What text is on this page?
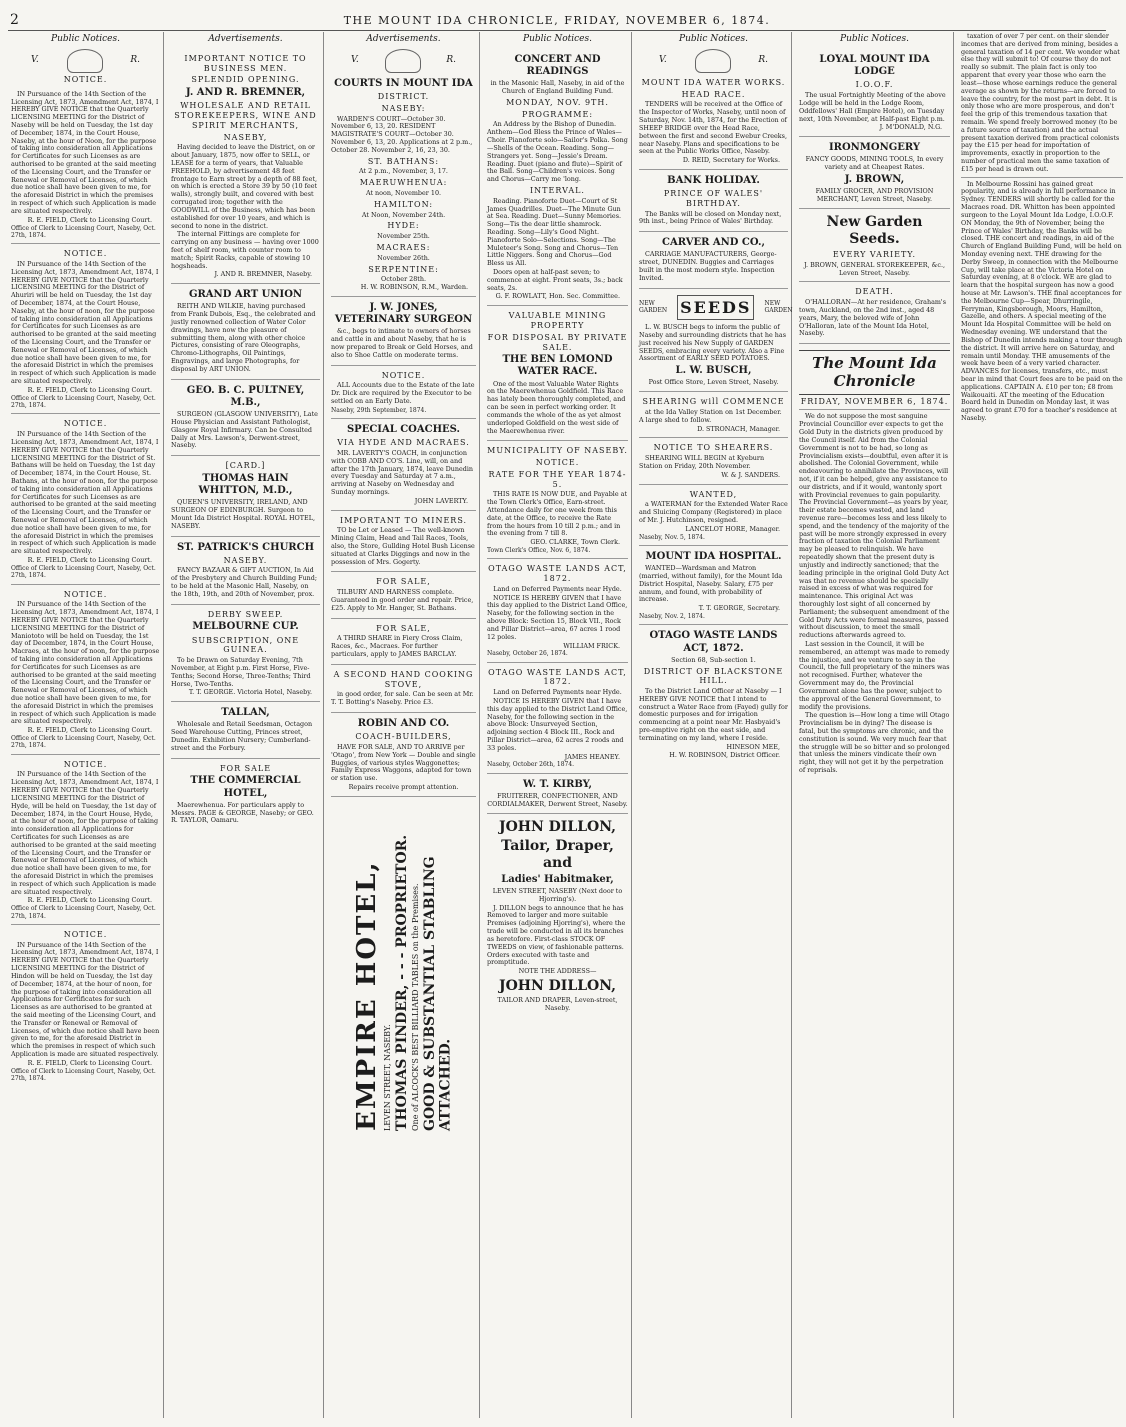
2	THE MOUNT IDA CHRONICLE, FRIDAY, NOVEMBER 6, 1874.
Public Notices.
V.	R.
NOTICE.

IN Pursuance of the 14th Section of the Licensing Act, 1873, Amendment Act, 1874, I HEREBY GIVE NOTICE that the Quarterly LICENSING MEETING for the District of Naseby will be held on Tuesday, the 1st day of December, 1874, in the Court House, Naseby, at the hour of Noon, for the purpose of taking into consideration all Applications for Certificates for such Licenses as are authorised to be granted at the said meeting of the Licensing Court, and the Transfer or Renewal or Removal of Licenses, of which due notice shall have been given to me, for the aforesaid District in which the premises in respect of which such Application is made are situated respectively.

R. E. FIELD, Clerk to Licensing Court.
Office of Clerk to Licensing Court, Naseby, Oct. 27th, 1874.
NOTICE.

IN Pursuance of the 14th Section of the Licensing Act, 1873, Amendment Act, 1874, I HEREBY GIVE NOTICE that the Quarterly LICENSING MEETING for the District of Ahuriri will be held on Tuesday, the 1st day of December, 1874, at the Court House, Naseby, at the hour of noon, for the purpose of taking into consideration all Applications for Certificates for such Licenses as are authorised to be granted at the said meeting of the Licensing Court, and the Transfer or Renewal or Removal of Licenses, of which due notice shall have been given to me, for the aforesaid District in which the premises in respect of which such Application is made are situated respectively.

R. E. FIELD, Clerk to Licensing Court.
Office of Clerk to Licensing Court, Naseby, Oct. 27th, 1874.
NOTICE.

IN Pursuance of the 14th Section of the Licensing Act, 1873, Amendment Act, 1874, I HEREBY GIVE NOTICE that the Quarterly LICENSING MEETING for the District of St. Bathans will be held on Tuesday, the 1st day of December, 1874, in the Court House, St. Bathans, at the hour of noon, for the purpose of taking into consideration all Applications for Certificates for such Licenses as are authorised to be granted at the said meeting of the Licensing Court, and the Transfer or Renewal or Removal of Licenses, of which due notice shall have been given to me, for the aforesaid District in which the premises in respect of which such Application is made are situated respectively.

R. E. FIELD, Clerk to Licensing Court.
Office of Clerk to Licensing Court, Naseby, Oct. 27th, 1874.
NOTICE.

IN Pursuance of the 14th Section of the Licensing Act, 1873, Amendment Act, 1874, I HEREBY GIVE NOTICE that the Quarterly LICENSING MEETING for the District of Maniototo will be held on Tuesday, the 1st day of December, 1874, in the Court House, Macraes, at the hour of noon, for the purpose of taking into consideration all Applications for Certificates for such Licenses as are authorised to be granted at the said meeting of the Licensing Court, and the Transfer or Renewal or Removal of Licenses, of which due notice shall have been given to me, for the aforesaid District in which the premises in respect of which such Application is made are situated respectively.

R. E. FIELD, Clerk to Licensing Court.
Office of Clerk to Licensing Court, Naseby, Oct. 27th, 1874.
NOTICE.

IN Pursuance of the 14th Section of the Licensing Act, 1873, Amendment Act, 1874, I HEREBY GIVE NOTICE that the Quarterly LICENSING MEETING for the District of Hyde, will be held on Tuesday, the 1st day of December, 1874, in the Court House, Hyde, at the hour of noon, for the purpose of taking into consideration all Applications for Certificates for such Licenses as are authorised to be granted at the said meeting of the Licensing Court, and the Transfer or Renewal or Removal of Licenses, of which due notice shall have been given to me, for the aforesaid District in which the premises in respect of which such Application is made are situated respectively.

R. E. FIELD, Clerk to Licensing Court.
Office of Clerk to Licensing Court, Naseby, Oct. 27th, 1874.
NOTICE.

IN Pursuance of the 14th Section of the Licensing Act, 1873, Amendment Act, 1874, I HEREBY GIVE NOTICE that the Quarterly LICENSING MEETING for the District of Hindon will be held on Tuesday, the 1st day of December, 1874, at the hour of noon, for the purpose of taking into consideration all Applications for Certificates for such Licenses as are authorised to be granted at the said meeting of the Licensing Court, and the Transfer or Renewal or Removal of Licenses, of which due notice shall have been given to me, for the aforesaid District in which the premises in respect of which such Application is made are situated respectively.

R. E. FIELD, Clerk to Licensing Court.
Office of Clerk to Licensing Court, Naseby, Oct. 27th, 1874.
Advertisements.
IMPORTANT NOTICE TO BUSINESS MEN.
SPLENDID OPENING.
J. AND R. BREMNER,
WHOLESALE AND RETAIL STOREKEEPERS, WINE AND SPIRIT MERCHANTS,
NASEBY,

Having decided to leave the District, on or about January, 1875, now offer to SELL, or LEASE for a term of years, that Valuable FREEHOLD, by advertisement 48 feet frontage to Earn street by a depth of 88 feet, on which is erected a Store 39 by 50 (10 feet walls), strongly built, and covered with best corrugated iron; together with the GOODWILL of the Business, which has been established for over 10 years, and which is second to none in the district.

The internal Fittings are complete for carrying on any business — having over 1000 feet of shelf room, with counter room to match; Spirit Racks, capable of stowing 10 hogsheads.

J. AND R. BREMNER, Naseby.
GRAND ART UNION

REITH AND WILKIE, having purchased from Frank Dubois, Esq., the celebrated and justly renowned collection of Water Color drawings, have now the pleasure of submitting them, along with other choice Pictures, consisting of rare Oleographs, Chromo-Lithographs, Oil Paintings, Engravings, and large Photographs, for disposal by ART UNION.

GEO. B. C. PULTNEY, M.B.,

SURGEON (GLASGOW UNIVERSITY), Late House Physician and Assistant Pathologist, Glasgow Royal Infirmary. Can be Consulted Daily at Mrs. Lawson's, Derwent-street, Naseby.

[CARD.]
THOMAS HAIN WHITTON, M.D.,

QUEEN'S UNIVERSITY, IRELAND, AND SURGEON OF EDINBURGH. Surgeon to Mount Ida District Hospital. ROYAL HOTEL, NASEBY.

ST. PATRICK'S CHURCH
NASEBY.

FANCY BAZAAR & GIFT AUCTION, In Aid of the Presbytery and Church Building Fund; to be held at the Masonic Hall, Naseby, on the 18th, 19th, and 20th of November, prox.

DERBY SWEEP.
MELBOURNE CUP.
SUBSCRIPTION, ONE GUINEA.

To be Drawn on Saturday Evening, 7th November, at Eight p.m. First Horse, Five-Tenths; Second Horse, Three-Tenths; Third Horse, Two-Tenths.

T. T. GEORGE. Victoria Hotel, Naseby.
TALLAN,

Wholesale and Retail Seedsman, Octagon Seed Warehouse Cutting, Princes street, Dunedin. Exhibition Nursery; Cumberland-street and the Forbury.

FOR SALE
THE COMMERCIAL HOTEL,

Maerewhenua. For particulars apply to Messrs. PAGE & GEORGE, Naseby; or GEO. R. TAYLOR, Oamaru.

Advertisements.
V.	R.
COURTS IN MOUNT IDA
DISTRICT.
NASEBY:

WARDEN'S COURT—October 30. November 6, 13, 20. RESIDENT MAGISTRATE'S COURT—October 30. November 6, 13, 20. Applications at 2 p.m., October 28. November 2, 16, 23, 30.

ST. BATHANS:
At 2 p.m., November, 3, 17.
MAERUWHENUA:
At noon, November 10.
HAMILTON:
At Noon, November 24th.
HYDE:
November 25th.
MACRAES:
November 26th.
SERPENTINE:
October 28th.
H. W. ROBINSON, R.M., Warden.
J. W. JONES, VETERINARY SURGEON

&c., begs to intimate to owners of horses and cattle in and about Naseby, that he is now prepared to Break or Geld Horses, and also to Shoe Cattle on moderate terms.

NOTICE.

ALL Accounts due to the Estate of the late Dr. Dick are required by the Executor to be settled on an Early Date.

Naseby, 29th September, 1874.
SPECIAL COACHES.
VIA HYDE AND MACRAES.

MR. LAVERTY'S COACH, in conjunction with COBB AND CO'S. Line, will, on and after the 17th January, 1874, leave Dunedin every Tuesday and Saturday at 7 a.m., arriving at Naseby on Wednesday and Sunday mornings.

JOHN LAVERTY.
IMPORTANT TO MINERS.

TO be Let or Leased — The well-known Mining Claim, Head and Tail Races, Tools, also, the Store, Gullding Hotel Bush License situated at Clarks Diggings and now in the possession of Mrs. Gogerty.

FOR SALE,

TILBURY AND HARNESS complete. Guaranteed in good order and repair. Price, £25. Apply to Mr. Hanger, St. Bathans.

FOR SALE,

A THIRD SHARE in Fiery Cross Claim, Races, &c., Macraes. For further particulars, apply to JAMES BARCLAY.

A SECOND HAND COOKING STOVE,

in good order, for sale. Can be seen at Mr. T. T. Botting's Naseby. Price £3.

ROBIN AND CO.
COACH-BUILDERS,

HAVE FOR SALE, AND TO ARRIVE per 'Otago', from New York — Double and single Buggies, of various styles Waggonettes; Family Express Waggons, adapted for town or station use.

Repairs receive prompt attention.
EMPIRE HOTEL, LEVEN STREET, NASEBY. THOMAS PINDER, - - - PROPRIETOR. One of ALCOCK'S BEST BILLIARD TABLES on the Premises. GOOD & SUBSTANTIAL STABLING ATTACHED.
Public Notices.
CONCERT AND READINGS
in the Masonic Hall, Naseby, in aid of the Church of England Building Fund.
MONDAY, NOV. 9TH.
PROGRAMME:

An Address by the Bishop of Dunedin. Anthem—God Bless the Prince of Wales—Choir. Pianoforte solo—Sailor's Polka. Song—Shells of the Ocean. Reading. Song—Strangers yet. Song—Jessie's Dream. Reading. Duet (piano and flute)—Spirit of the Ball. Song—Children's voices. Song and Chorus—Carry me 'long.

INTERVAL.

Reading. Pianoforte Duet—Court of St James Quadrilles. Duet—The Minute Gun at Sea. Reading. Duet—Sunny Memories. Song—Tis the dear little shamrock. Reading. Song—Lily's Good Night. Pianoforte Solo—Selections. Song—The Muleteer's Song. Song and Chorus—Ten Little Niggers. Song and Chorus—God Bless us All.

Doors open at half-past seven; to commence at eight. Front seats, 3s.; back seats, 2s.

G. F. ROWLATT, Hon. Sec. Committee.
VALUABLE MINING PROPERTY
FOR DISPOSAL BY PRIVATE SALE.
THE BEN LOMOND WATER RACE.

One of the most Valuable Water Rights on the Maerewhenua Goldfield. This Race has lately been thoroughly completed, and can be seen in perfect working order. It commands the whole of the as yet almost underloped Goldfield on the west side of the Maerewhenua river.

MUNICIPALITY OF NASEBY.
NOTICE.
RATE FOR THE YEAR 1874-5.

THIS RATE IS NOW DUE, and Payable at the Town Clerk's Office, Earn-street. Attendance daily for one week from this date, at the Office, to receive the Rate from the hours from 10 till 2 p.m.; and in the evening from 7 till 8.

GEO. CLARKE, Town Clerk.
Town Clerk's Office, Nov. 6, 1874.
OTAGO WASTE LANDS ACT, 1872.
Land on Deferred Payments near Hyde.

NOTICE IS HEREBY GIVEN that I have this day applied to the District Land Office, Naseby, for the following section in the above Block: Section 15, Block VII., Rock and Pillar District—area, 67 acres 1 rood 12 poles.

WILLIAM FRICK.
Naseby, October 26, 1874.
OTAGO WASTE LANDS ACT, 1872.
Land on Deferred Payments near Hyde.

NOTICE IS HEREBY GIVEN that I have this day applied to the District Land Office, Naseby, for the following section in the above Block: Unsurveyed Section, adjoining section 4 Block III., Rock and Pillar District—area, 62 acres 2 roods and 33 poles.

JAMES HEANEY.
Naseby, October 26th, 1874.
W. T. KIRBY,
FRUITERER, CONFECTIONER, AND CORDIALMAKER, Derwent Street, Naseby.
JOHN DILLON,
Tailor, Draper, and
Ladies' Habitmaker,
LEVEN STREET, NASEBY (Next door to Hjorring's).

J. DILLON begs to announce that he has Removed to larger and more suitable Premises (adjoining Hjorring's), where the trade will be conducted in all its branches as heretofore. First-class STOCK OF TWEEDS on view, of fashionable patterns. Orders executed with taste and promptitude.

NOTE THE ADDRESS—
JOHN DILLON,
TAILOR AND DRAPER, Leven-street, Naseby.
Public Notices.
V.	R.
MOUNT IDA WATER WORKS.
HEAD RACE.

TENDERS will be received at the Office of the Inspector of Works, Naseby, until noon of Saturday, Nov. 14th, 1874, for the Erection of SHEEP BRIDGE over the Head Race, between the first and second Ewebur Creeks, near Naseby. Plans and specifications to be seen at the Public Works Office, Naseby.

D. REID, Secretary for Works.
BANK HOLIDAY.
PRINCE OF WALES' BIRTHDAY.

The Banks will be closed on Monday next, 9th inst., being Prince of Wales' Birthday.

CARVER AND CO.,

CARRIAGE MANUFACTURERS, George-street, DUNEDIN. Buggies and Carriages built in the most modern style. Inspection Invited.

NEW GARDEN SEEDS	NEW GARDEN

L. W. BUSCH begs to inform the public of Naseby and surrounding districts that he has just received his New Supply of GARDEN SEEDS, embracing every variety. Also a Fine Assortment of EARLY SEED POTATOES.

L. W. BUSCH,
Post Office Store, Leven Street, Naseby.
SHEARING will COMMENCE

at the Ida Valley Station on 1st December. A large shed to follow.

D. STRONACH, Manager.
NOTICE TO SHEARERS.

SHEARING WILL BEGIN at Kyeburn Station on Friday, 20th November.

W. & J. SANDERS.
WANTED,

a WATERMAN for the Extended Water Race and Sluicing Company (Registered) in place of Mr. J. Hutchinson, resigned.

LANCELOT HORE, Manager.
Naseby, Nov. 5, 1874.
MOUNT IDA HOSPITAL.

WANTED—Wardsman and Matron (married, without family), for the Mount Ida District Hospital, Naseby. Salary, £75 per annum, and found, with probability of increase.

T. T. GEORGE, Secretary.
Naseby, Nov. 2, 1874.
OTAGO WASTE LANDS ACT, 1872.
Section 68, Sub-section 1.
DISTRICT OF BLACKSTONE HILL.

To the District Land Officer at Naseby — I HEREBY GIVE NOTICE that I intend to construct a Water Race from (Fayed) gully for domestic purposes and for irrigation commencing at a point near Mr. Hasbyaid's pre-emptive right on the east side, and terminating on my land, where I reside.

HINESON MEE,
H. W. ROBINSON, District Officer.
Public Notices.
LOYAL MOUNT IDA LODGE
I.O.O.F.

The usual Fortnightly Meeting of the above Lodge will be held in the Lodge Room, Oddfellows' Hall (Empire Hotel), on Tuesday next, 10th November, at Half-past Eight p.m.

J. M'DONALD, N.G.
IRONMONGERY
FANCY GOODS, MINING TOOLS, In every variety and at Cheapest Rates.
J. BROWN,
FAMILY GROCER, AND PROVISION MERCHANT, Leven Street, Naseby.
New Garden Seeds.
EVERY VARIETY.
J. BROWN, GENERAL STOREKEEPER, &c., Leven Street, Naseby.
DEATH.

O'HALLORAN—At her residence, Graham's town, Auckland, on the 2nd inst., aged 48 years, Mary, the beloved wife of John O'Halloran, late of the Mount Ida Hotel, Naseby.

The Mount Ida Chronicle
FRIDAY, NOVEMBER 6, 1874.

We do not suppose the most sanguine Provincial Councillor ever expects to get the Gold Duty in the districts given produced by the Council itself. Aid from the Colonial Government is not to be had, so long as Provincialism exists—doubtful, even after it is abolished. The Colonial Government, while endeavouring to annihilate the Provinces, will not, if it can be helped, give any assistance to our districts, and if it would, wantonly sport with Provincial revenues to gain popularity. The Provincial Government—as years by year, their estate becomes wasted, and land revenue rare—becomes less and less likely to spend, and the tendency of the majority of the past will be more strongly expressed in every fraction of taxation the Colonial Parliament may be pleased to relinquish. We have repeatedly shown that the present duty is unjustly and indirectly sanctioned; that the leading principle in the original Gold Duty Act was that no revenue should be specially raised in excess of what was required for maintenance. This original Act was thoroughly lost sight of all concerned by Parliament; the subsequent amendment of the Gold Duty Acts were formal measures, passed without discussion, to meet the small reductions afterwards agreed to.

Last session in the Council, it will be remembered, an attempt was made to remedy the injustice, and we venture to say in the Council, the full proprietary of the miners was not recognised. Further, whatever the Government may do, the Provincial Government alone has the power, subject to the approval of the General Government, to modify the provisions.

The question is—How long a time will Otago Provincialism be in dying? The disease is fatal, but the symptoms are chronic, and the constitution is sound. We very much fear that the struggle will be so bitter and so prolonged that unless the miners vindicate their own right, they will not get it by the perpetration of reprisals.

taxation of over 7 per cent. on their slender incomes that are derived from mining, besides a general taxation of 14 per cent. We wonder what else they will submit to! Of course they do not really so submit. The plain fact is only too apparent that every year those who earn the least—those whose earnings reduce the general average as shown by the returns—are forced to leave the country, for the most part in debt. It is only those who are more prosperous, and don't feel the grip of this tremendous taxation that remain. We spend freely borrowed money (to be a future source of taxation) and the actual present taxation derived from practical colonists pay the £15 per head for importation of improvements, exactly in proportion to the number of practical men the same taxation of £15 per head is drawn out.

In Melbourne Rossini has gained great popularity, and is already in full performance in Sydney. TENDERS will shortly be called for the Macraes road. DR. Whitton has been appointed surgeon to the Loyal Mount Ida Lodge, I.O.O.F. ON Monday, the 9th of November, being the Prince of Wales' Birthday, the Banks will be closed. THE concert and readings, in aid of the Church of England Building Fund, will be held on Monday evening next. THE drawing for the Derby Sweep, in connection with the Melbourne Cup, will take place at the Victoria Hotel on Saturday evening, at 8 o'clock. WE are glad to learn that the hospital surgeon has now a good house at Mr. Lawson's. THE final acceptances for the Melbourne Cup—Spear, Dhurringile, Ferryman, Kingsborough, Moors, Hamilton, Gazelle, and others. A special meeting of the Mount Ida Hospital Committee will be held on Wednesday evening. WE understand that the Bishop of Dunedin intends making a tour through the district. It will arrive here on Saturday, and remain until Monday. THE amusements of the week have been of a very varied character. ADVANCES for licenses, transfers, etc., must bear in mind that Court fees are to be paid on the applications. CAPTAIN A. £10 per ton; £8 from Waikouaiti. AT the meeting of the Education Board held in Dunedin on Monday last, it was agreed to grant £70 for a teacher's residence at Naseby.
